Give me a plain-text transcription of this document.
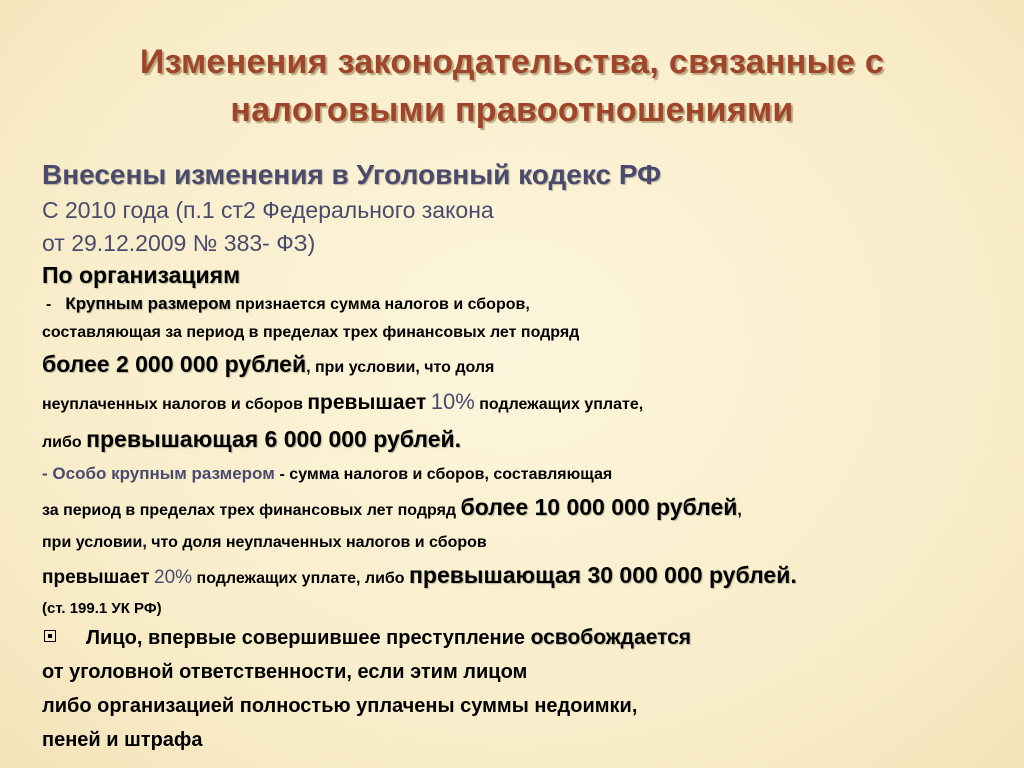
Изменения законодательства, связанные с
налоговыми правоотношениями
Внесены изменения в Уголовный кодекс РФ
С 2010 года (п.1 ст2 Федерального закона
от 29.12.2009 № 383- ФЗ)
По организациям
- Крупным размером признается сумма налогов и сборов,
составляющая за период в пределах трех финансовых лет подряд
более 2 000 000 рублей, при условии, что доля
неуплаченных налогов и сборов превышает 10% подлежащих уплате,
либо превышающая 6 000 000 рублей.
- Особо крупным размером - сумма налогов и сборов, составляющая
за период в пределах трех финансовых лет подряд более 10 000 000 рублей,
при условии, что доля неуплаченных налогов и сборов
превышает 20% подлежащих уплате, либо превышающая 30 000 000 рублей.
(ст. 199.1 УК РФ)
Лицо, впервые совершившее преступление освобождается
от уголовной ответственности, если этим лицом
либо организацией полностью уплачены суммы недоимки,
пеней и штрафа
